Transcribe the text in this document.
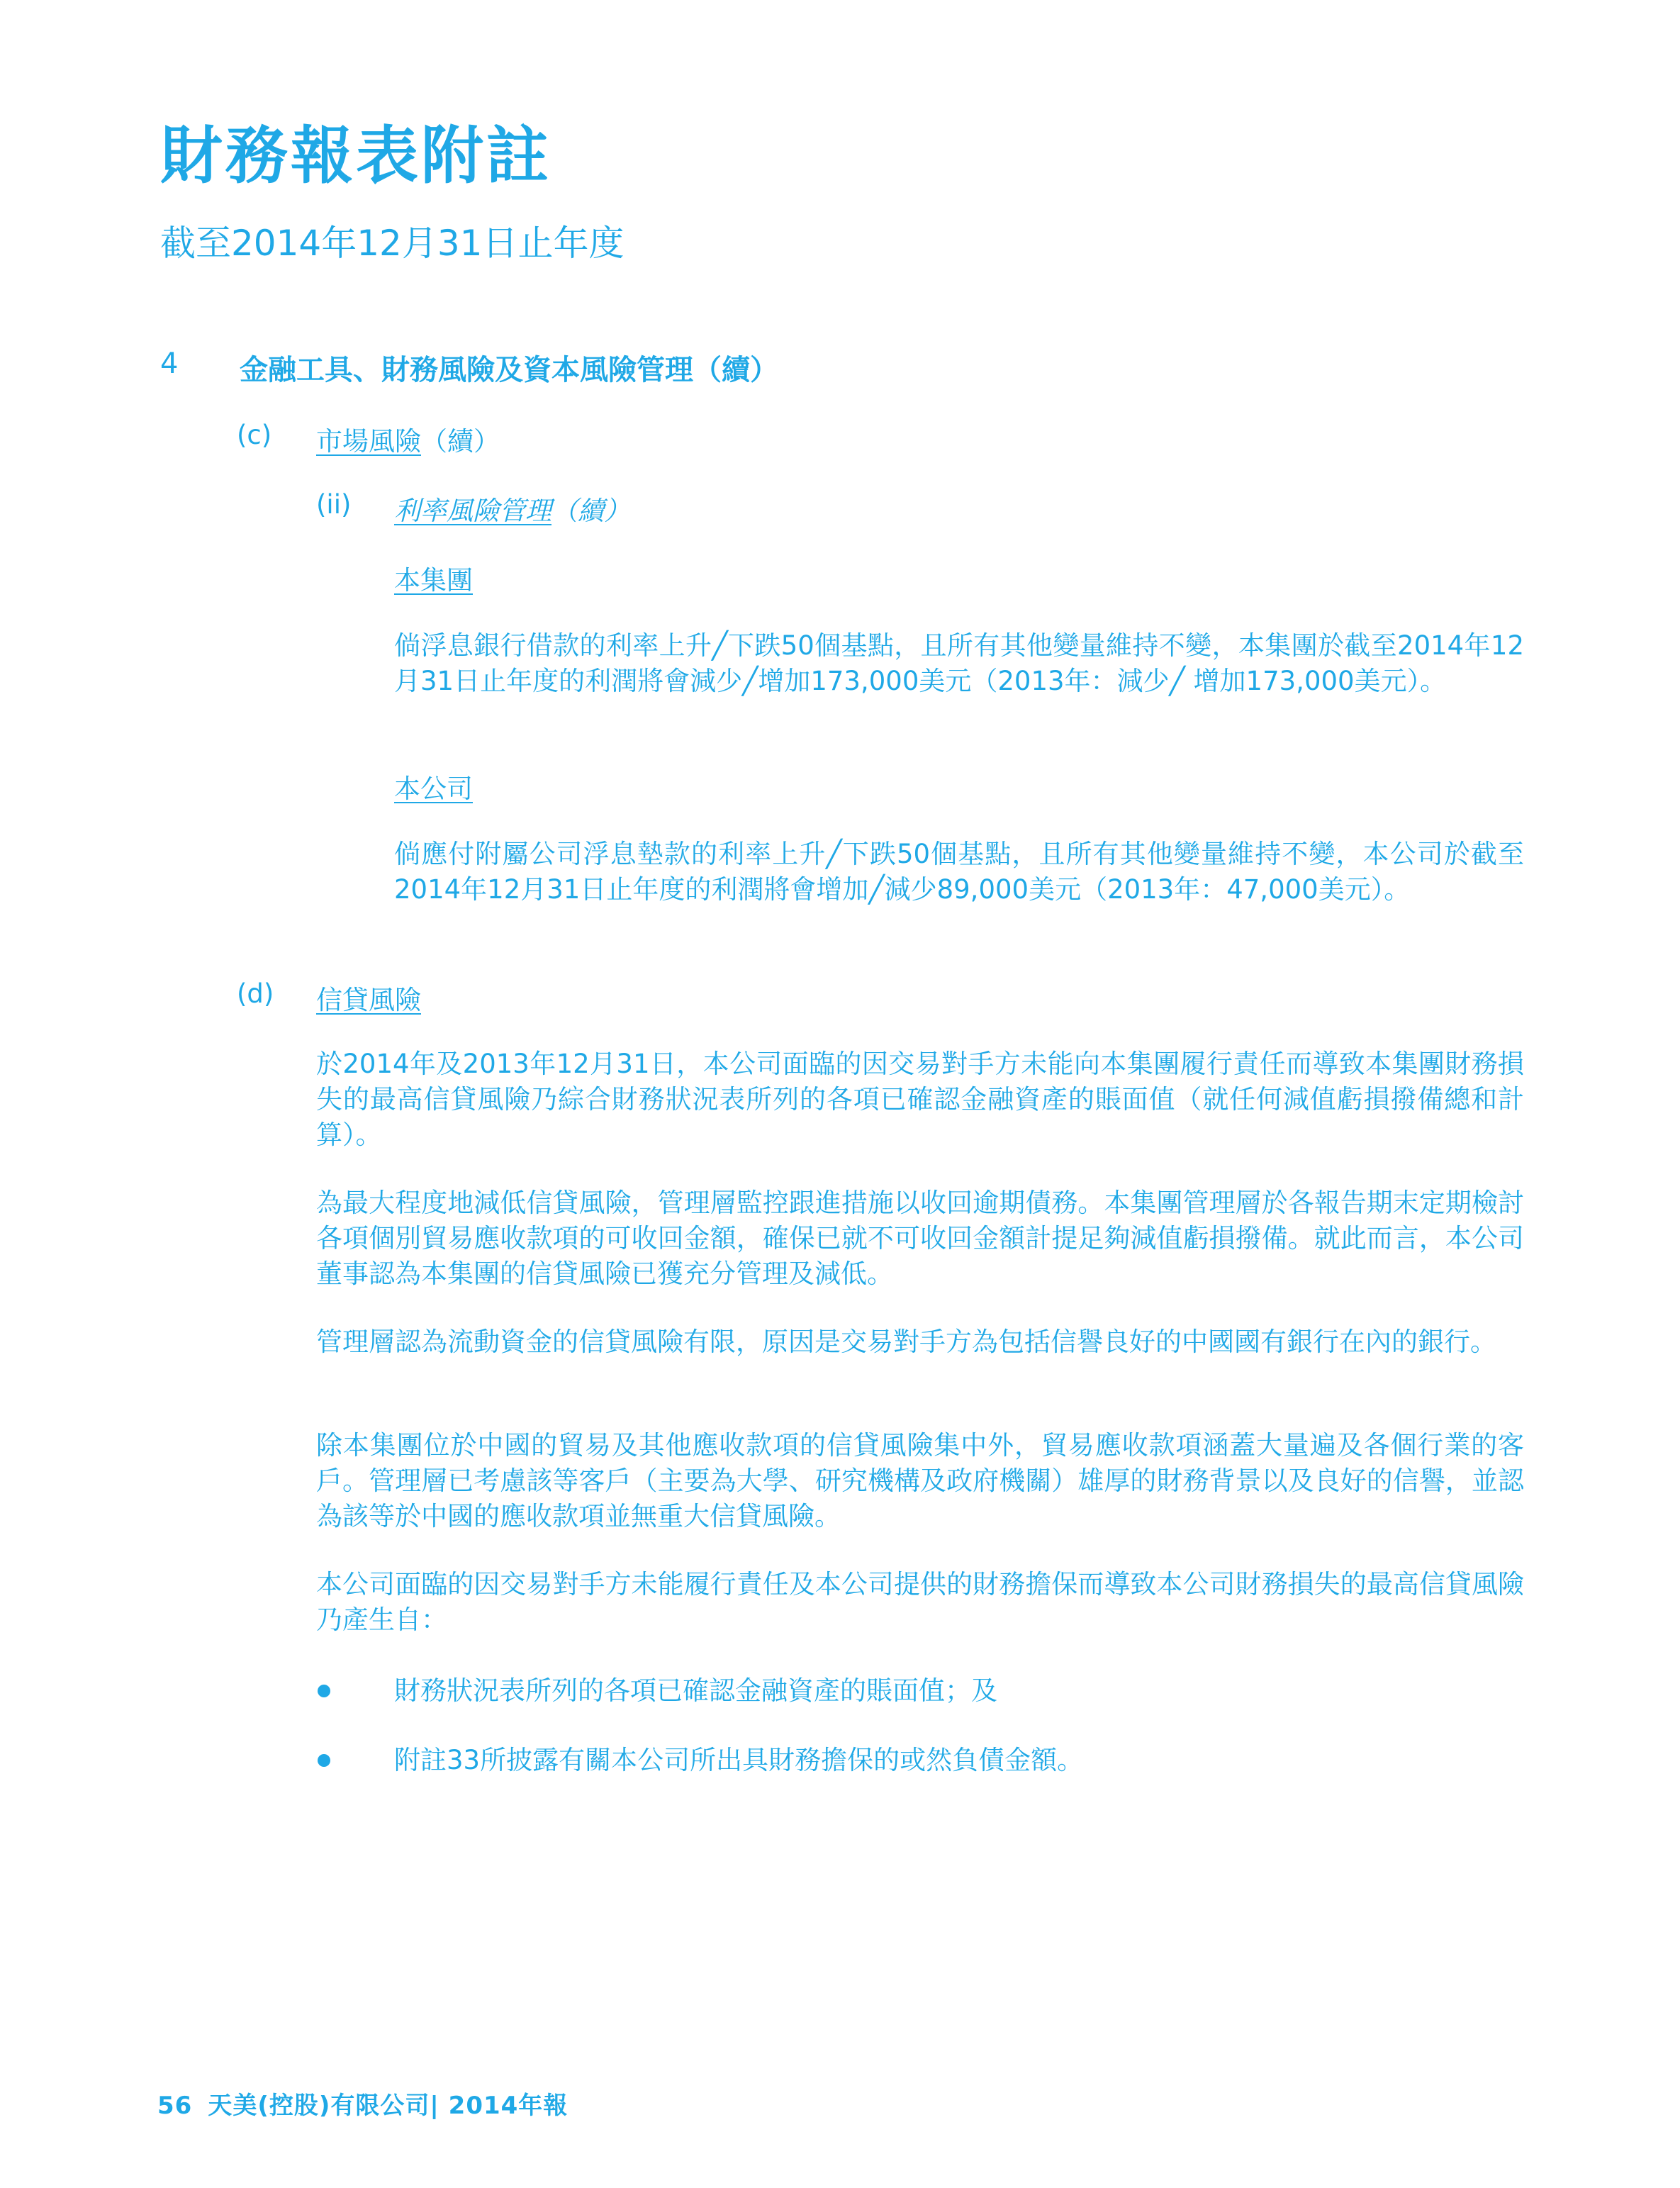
財務報表附註
截至2014年12月31日止年度
4 金融工具、財務風險及資本風險管理（續）
(c) 市場風險（續）
(ii) 利率風險管理（續）
本集團

倘浮息銀行借款的利率上升╱下跌50個基點，且所有其他變量維持不變，本集團於截至2014年12月31日止年度的利潤將會減少╱增加173,000美元（2013年：減少╱ 增加173,000美元）。

本公司

倘應付附屬公司浮息墊款的利率上升╱下跌50個基點，且所有其他變量維持不變，本公司於截至2014年12月31日止年度的利潤將會增加╱減少89,000美元（2013年：47,000美元）。

(d) 信貸風險

於2014年及2013年12月31日，本公司面臨的因交易對手方未能向本集團履行責任而導致本集團財務損失的最高信貸風險乃綜合財務狀況表所列的各項已確認金融資產的賬面值（就任何減值虧損撥備總和計算）。

為最大程度地減低信貸風險，管理層監控跟進措施以收回逾期債務。本集團管理層於各報告期末定期檢討各項個別貿易應收款項的可收回金額，確保已就不可收回金額計提足夠減值虧損撥備。就此而言，本公司董事認為本集團的信貸風險已獲充分管理及減低。

管理層認為流動資金的信貸風險有限，原因是交易對手方為包括信譽良好的中國國有銀行在內的銀行。

除本集團位於中國的貿易及其他應收款項的信貸風險集中外，貿易應收款項涵蓋大量遍及各個行業的客戶。管理層已考慮該等客戶（主要為大學、研究機構及政府機關）雄厚的財務背景以及良好的信譽，並認為該等於中國的應收款項並無重大信貸風險。

本公司面臨的因交易對手方未能履行責任及本公司提供的財務擔保而導致本公司財務損失的最高信貸風險乃產生自：

財務狀況表所列的各項已確認金融資產的賬面值；及
附註33所披露有關本公司所出具財務擔保的或然負債金額。
56 天美(控股)有限公司| 2014年報
